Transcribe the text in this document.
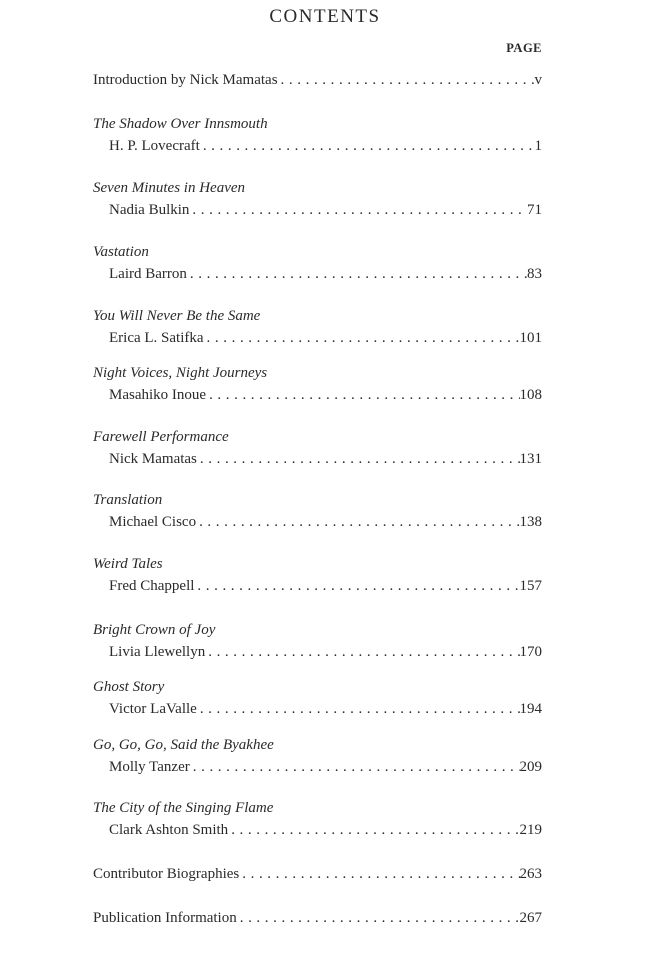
CONTENTS
PAGE
Introduction by Nick Mamatas .....	v
The Shadow Over Innsmouth
H. P. Lovecraft .....	1
Seven Minutes in Heaven
Nadia Bulkin .....	71
Vastation
Laird Barron .....	83
You Will Never Be the Same
Erica L. Satifka .....	101
Night Voices, Night Journeys
Masahiko Inoue .....	108
Farewell Performance
Nick Mamatas .....	131
Translation
Michael Cisco .....	138
Weird Tales
Fred Chappell .....	157
Bright Crown of Joy
Livia Llewellyn .....	170
Ghost Story
Victor LaValle .....	194
Go, Go, Go, Said the Byakhee
Molly Tanzer .....	209
The City of the Singing Flame
Clark Ashton Smith .....	219
Contributor Biographies .....	263
Publication Information .....	267
